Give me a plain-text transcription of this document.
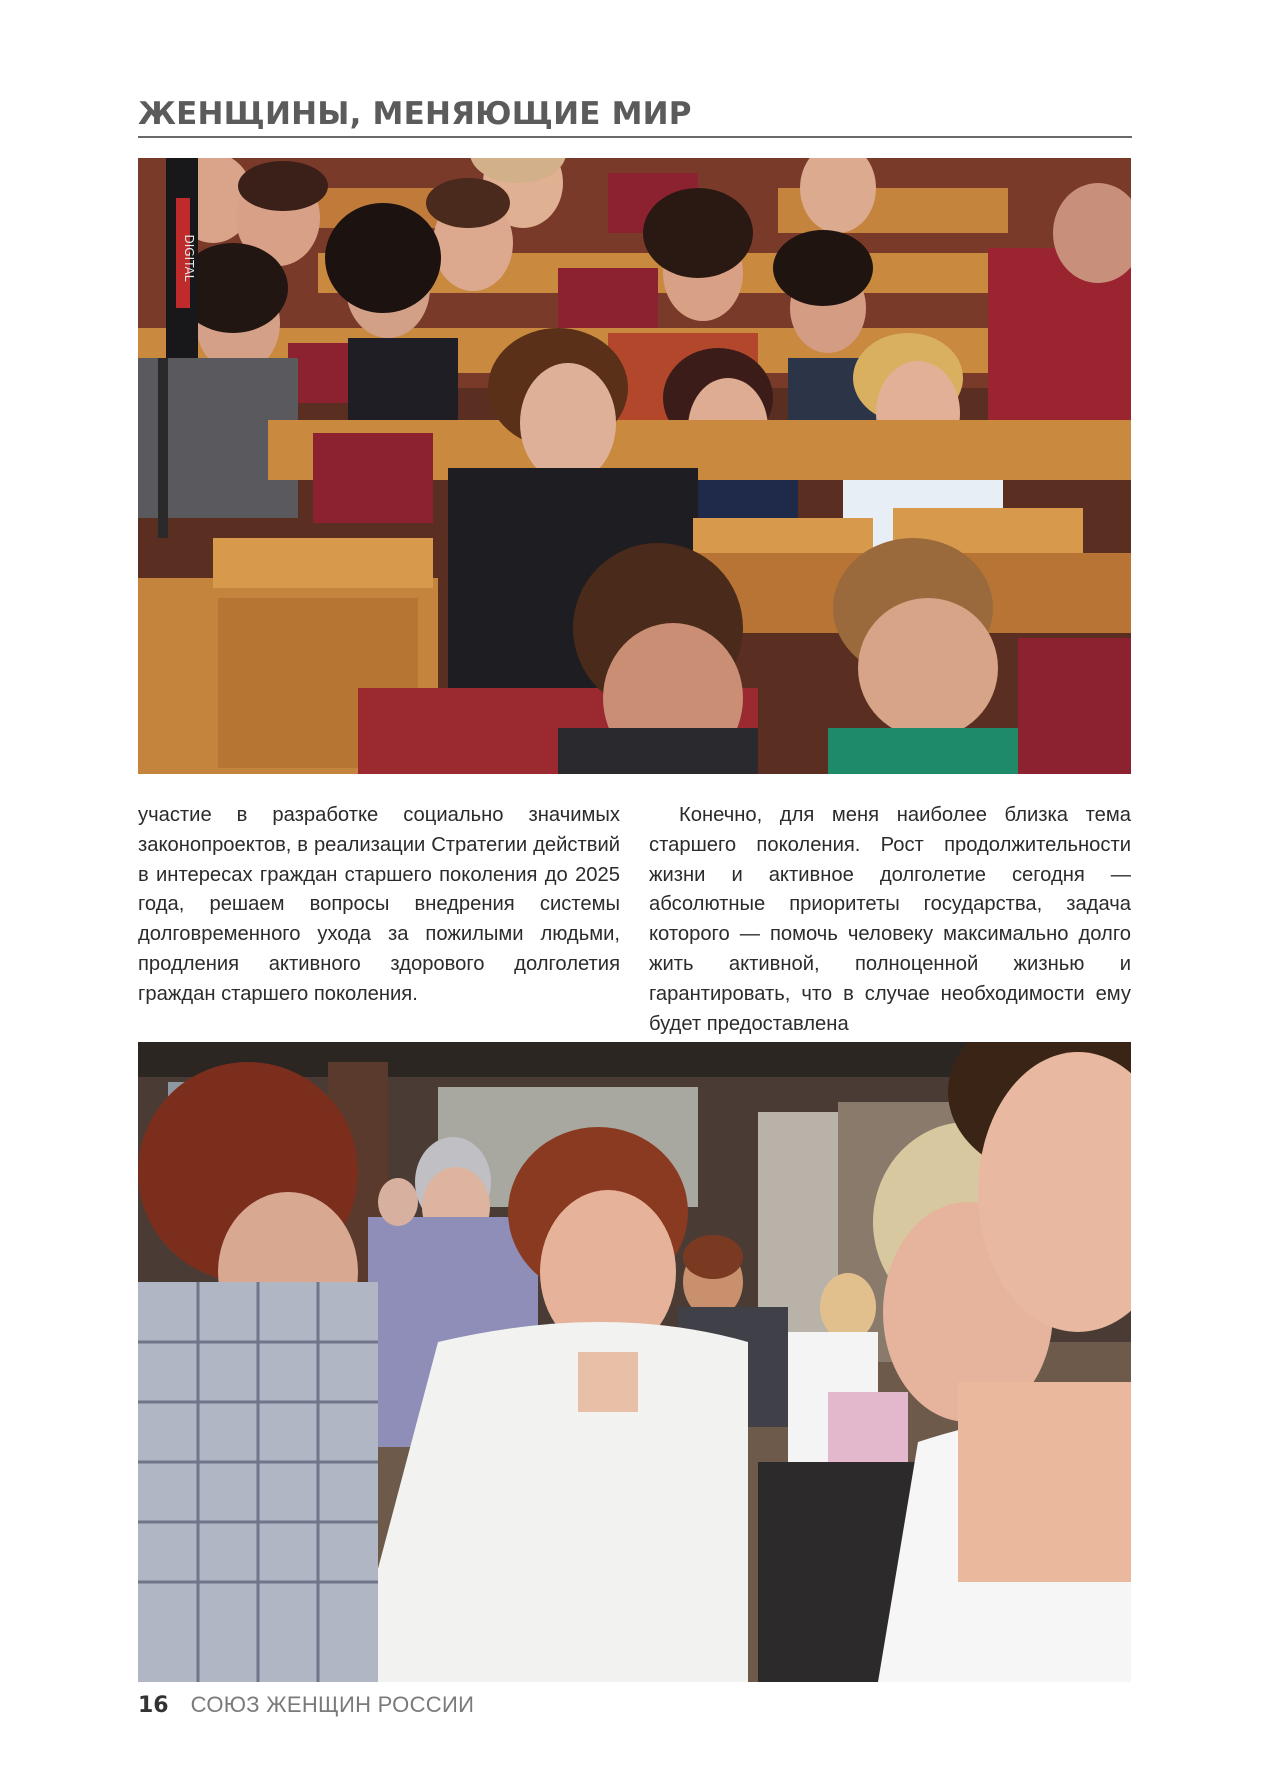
ЖЕНЩИНЫ, МЕНЯЮЩИЕ МИР
DIGITAL

участие в разработке социально значимых законопроектов, в реализации Стратегии действий в интересах граждан старшего поколения до 2025 года, решаем вопросы внедрения системы долговременного ухода за пожилыми людьми, продления активного здорового долголетия граждан старшего поколения.

Конечно, для меня наиболее близка тема старшего поколения. Рост продолжительности жизни и активное долголетие сегодня — абсолютные приоритеты государства, задача которого — помочь человеку максимально долго жить активной, полноценной жизнью и гарантировать, что в случае необходимости ему будет предоставлена

16 СОЮЗ ЖЕНЩИН РОССИИ
